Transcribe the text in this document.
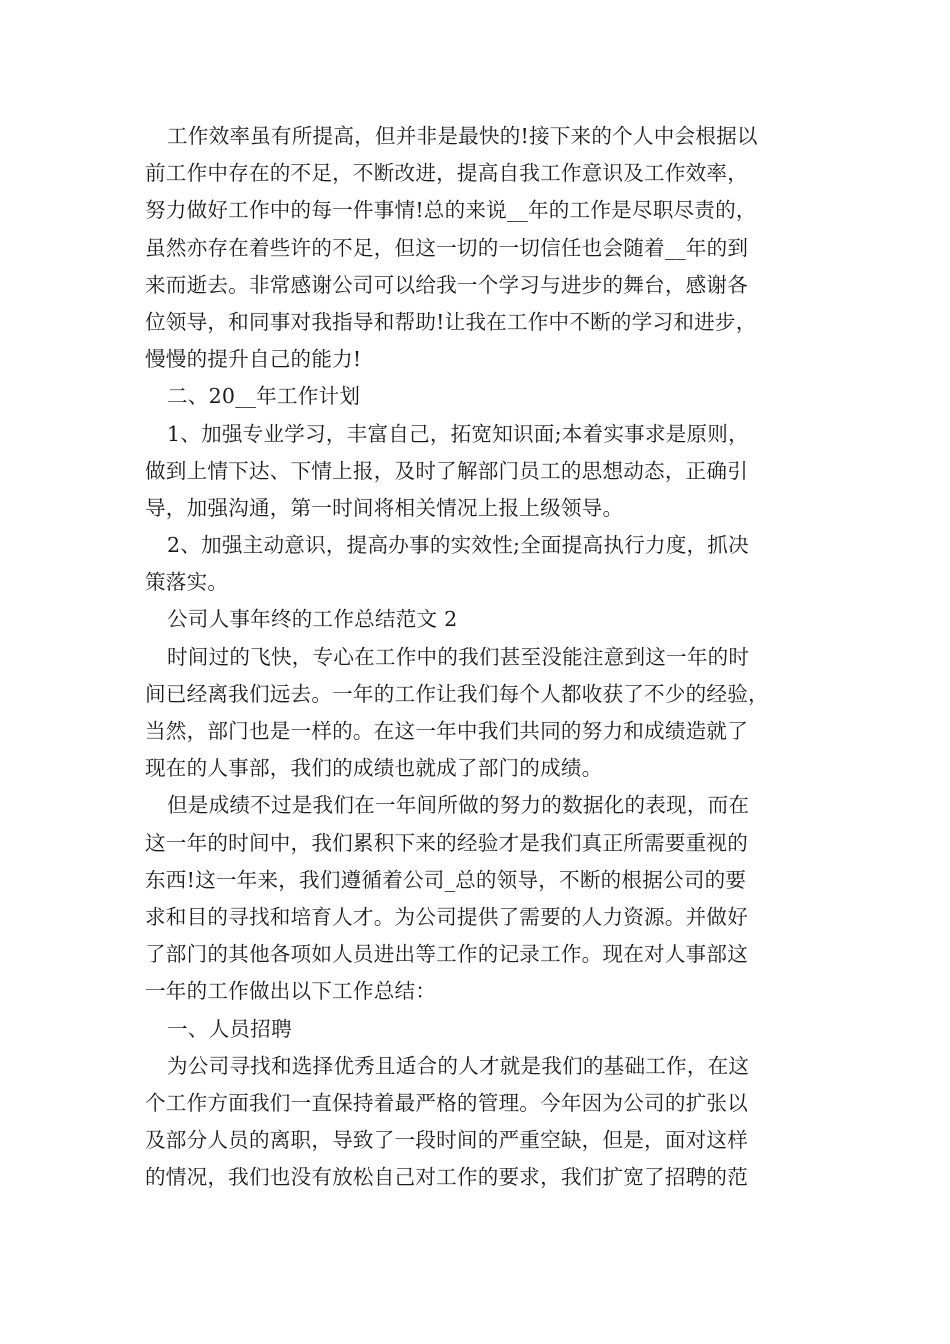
工作效率虽有所提高，但并非是最快的!接下来的个人中会根据以
前工作中存在的不足，不断改进，提高自我工作意识及工作效率，
努力做好工作中的每一件事情!总的来说__年的工作是尽职尽责的，
虽然亦存在着些许的不足，但这一切的一切信任也会随着__年的到
来而逝去。非常感谢公司可以给我一个学习与进步的舞台，感谢各
位领导，和同事对我指导和帮助!让我在工作中不断的学习和进步，
慢慢的提升自己的能力!
二、20__年工作计划
1、加强专业学习，丰富自己，拓宽知识面;本着实事求是原则，
做到上情下达、下情上报，及时了解部门员工的思想动态，正确引
导，加强沟通，第一时间将相关情况上报上级领导。
2、加强主动意识，提高办事的实效性;全面提高执行力度，抓决
策落实。
公司人事年终的工作总结范文 2
时间过的飞快，专心在工作中的我们甚至没能注意到这一年的时
间已经离我们远去。一年的工作让我们每个人都收获了不少的经验，
当然，部门也是一样的。在这一年中我们共同的努力和成绩造就了
现在的人事部，我们的成绩也就成了部门的成绩。
但是成绩不过是我们在一年间所做的努力的数据化的表现，而在
这一年的时间中，我们累积下来的经验才是我们真正所需要重视的
东西!这一年来，我们遵循着公司_总的领导，不断的根据公司的要
求和目的寻找和培育人才。为公司提供了需要的人力资源。并做好
了部门的其他各项如人员进出等工作的记录工作。现在对人事部这
一年的工作做出以下工作总结：
一、人员招聘
为公司寻找和选择优秀且适合的人才就是我们的基础工作，在这
个工作方面我们一直保持着最严格的管理。今年因为公司的扩张以
及部分人员的离职，导致了一段时间的严重空缺，但是，面对这样
的情况，我们也没有放松自己对工作的要求，我们扩宽了招聘的范
